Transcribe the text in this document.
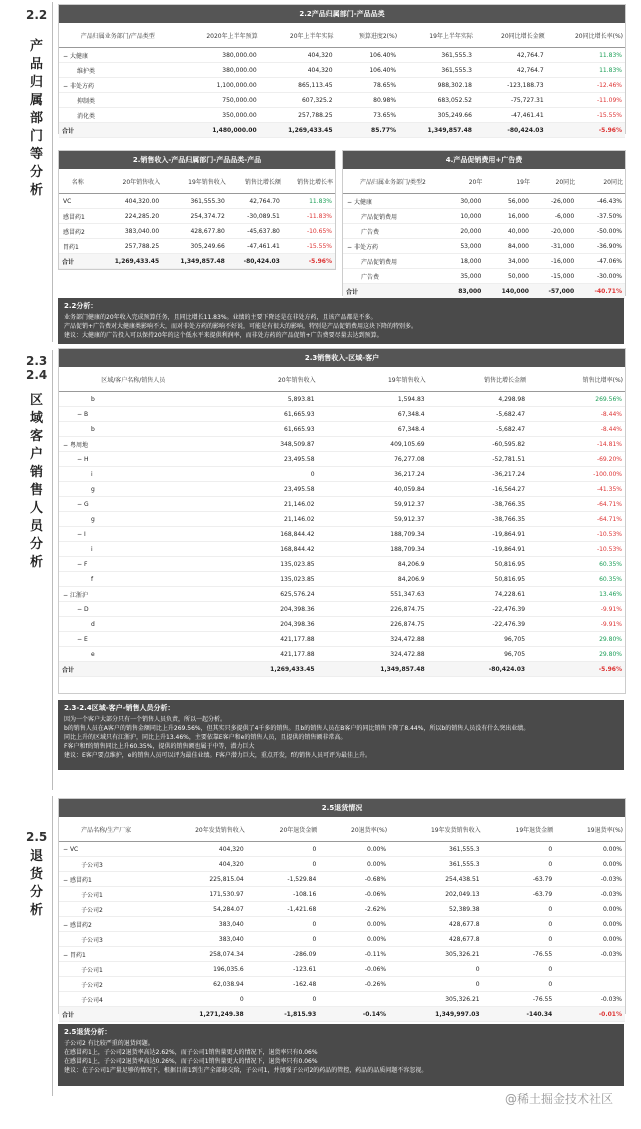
2.2
产
品
归
属
部
门
等
分
析
2.2产品归属部门-产品品类
产品归属业务部门/产品类型	2020年上半年预算	20年上半年实际	预算进度2(%)	19年上半年实际	20同比增长金额	20同比增长率(%)
− 大健康	380,000.00	404,320	106.40%	361,555.3	42,764.7	11.83%
维护类	380,000.00	404,320	106.40%	361,555.3	42,764.7	11.83%
− 非处方药	1,100,000.00	865,113.45	78.65%	988,302.18	-123,188.73	-12.46%
抑制类	750,000.00	607,325.2	80.98%	683,052.52	-75,727.31	-11.09%
消化类	350,000.00	257,788.25	73.65%	305,249.66	-47,461.41	-15.55%
合计	1,480,000.00	1,269,433.45	85.77%	1,349,857.48	-80,424.03	-5.96%
2.销售收入-产品归属部门-产品品类-产品
名称	20年销售收入	19年销售收入	销售比增长额	销售比增长率
VC	404,320.00	361,555.30	42,764.70	11.83%
感冒药1	224,285.20	254,374.72	-30,089.51	-11.83%
感冒药2	383,040.00	428,677.80	-45,637.80	-10.65%
胃药1	257,788.25	305,249.66	-47,461.41	-15.55%
合计	1,269,433.45	1,349,857.48	-80,424.03	-5.96%
4.产品促销费用+广告费
产品归属业务部门/类型2	20年	19年	20同比	20同比
− 大健康	30,000	56,000	-26,000	-46.43%
产品促销费用	10,000	16,000	-6,000	-37.50%
广告费	20,000	40,000	-20,000	-50.00%
− 非处方药	53,000	84,000	-31,000	-36.90%
产品促销费用	18,000	34,000	-16,000	-47.06%
广告费	35,000	50,000	-15,000	-30.00%
合计	83,000	140,000	-57,000	-40.71%
2.2分析：
业务部门健康的20年收入完成预算任务，且同比增长11.83%。业绩的主要下降还是在非处方药，且该产品都是不多。
产品促销+广告费对大健康类影响不大，而对非处方药的影响不好说，可能是有很大的影响，特别是产品促销费用这块下降的特别多。
建议：大健康的广告投入可以保持20年的这个低水平来提供利润率，而非处方药的产品促销+广告费要尽量去达到预算。
2.3
2.4
区
域
客
户
销
售
人
员
分
析
2.3销售收入-区域-客户
区域/客户名称/销售人员	20年销售收入	19年销售收入	销售比增长金额	销售比增率(%)
b	5,893.81	1,594.83	4,298.98	269.56%
− B	61,665.93	67,348.4	-5,682.47	-8.44%
b	61,665.93	67,348.4	-5,682.47	-8.44%
− 粤周地	348,509.87	409,105.69	-60,595.82	-14.81%
− H	23,495.58	76,277.08	-52,781.51	-69.20%
i	0	36,217.24	-36,217.24	-100.00%
g	23,495.58	40,059.84	-16,564.27	-41.35%
− G	21,146.02	59,912.37	-38,766.35	-64.71%
g	21,146.02	59,912.37	-38,766.35	-64.71%
− I	168,844.42	188,709.34	-19,864.91	-10.53%
i	168,844.42	188,709.34	-19,864.91	-10.53%
− F	135,023.85	84,206.9	50,816.95	60.35%
f	135,023.85	84,206.9	50,816.95	60.35%
− 江浙沪	625,576.24	551,347.63	74,228.61	13.46%
− D	204,398.36	226,874.75	-22,476.39	-9.91%
d	204,398.36	226,874.75	-22,476.39	-9.91%
− E	421,177.88	324,472.88	96,705	29.80%
e	421,177.88	324,472.88	96,705	29.80%
合计	1,269,433.45	1,349,857.48	-80,424.03	-5.96%
2.3-2.4区域-客户-销售人员分析：
因为一个客户大部分只有一个销售人员负责，所以一起分析。
b的销售人员在A客户的销售金额同比上升269.56%，但其实只多提供了4千多的销售。且b的销售人员在B客户的同比销售下降了8.44%，所以b的销售人员没有什么突出业绩。
同比上升的区域只有江浙沪，同比上升13.46%，主要依靠E客户和e的销售人员，且提供的销售额非常高。
F客户和f的销售同比上升60.35%，提供的销售额也属于中等，潜力巨大
建议：E客户要点维护，e的销售人员可以评为最佳业绩。F客户潜力巨大，重点开发，f的销售人员可评为最佳上升。
2.5
退
货
分
析
2.5退货情况
产品名称/生产厂家	20年发货销售收入	20年退货金额	20退货率(%)	19年发货销售收入	19年退货金额	19退货率(%)
− VC	404,320	0	0.00%	361,555.3	0	0.00%
子公司3	404,320	0	0.00%	361,555.3	0	0.00%
− 感冒药1	225,815.04	-1,529.84	-0.68%	254,438.51	-63.79	-0.03%
子公司1	171,530.97	-108.16	-0.06%	202,049.13	-63.79	-0.03%
子公司2	54,284.07	-1,421.68	-2.62%	52,389.38	0	0.00%
− 感冒药2	383,040	0	0.00%	428,677.8	0	0.00%
子公司3	383,040	0	0.00%	428,677.8	0	0.00%
− 胃药1	258,074.34	-286.09	-0.11%	305,326.21	-76.55	-0.03%
子公司1	196,035.6	-123.61	-0.06%	0	0	
子公司2	62,038.94	-162.48	-0.26%	0	0	
子公司4	0	0		305,326.21	-76.55	-0.03%
合计	1,271,249.38	-1,815.93	-0.14%	1,349,997.03	-140.34	-0.01%
2.5退货分析：
子公司2 有比较严重的退货问题。
在感冒药1上，子公司2退货率高达2.62%，而子公司1销售量更大的情况下，退货率只有0.06%
在感冒药1上，子公司2退货率高达0.26%，而子公司1销售量更大的情况下，退货率只有0.06%
建议：在子公司1产量足够的情况下，根据目前1到生产全部移交给，子公司1，并加强子公司2的药品的管控，药品的品质问题不容忽视。
@稀土掘金技术社区
